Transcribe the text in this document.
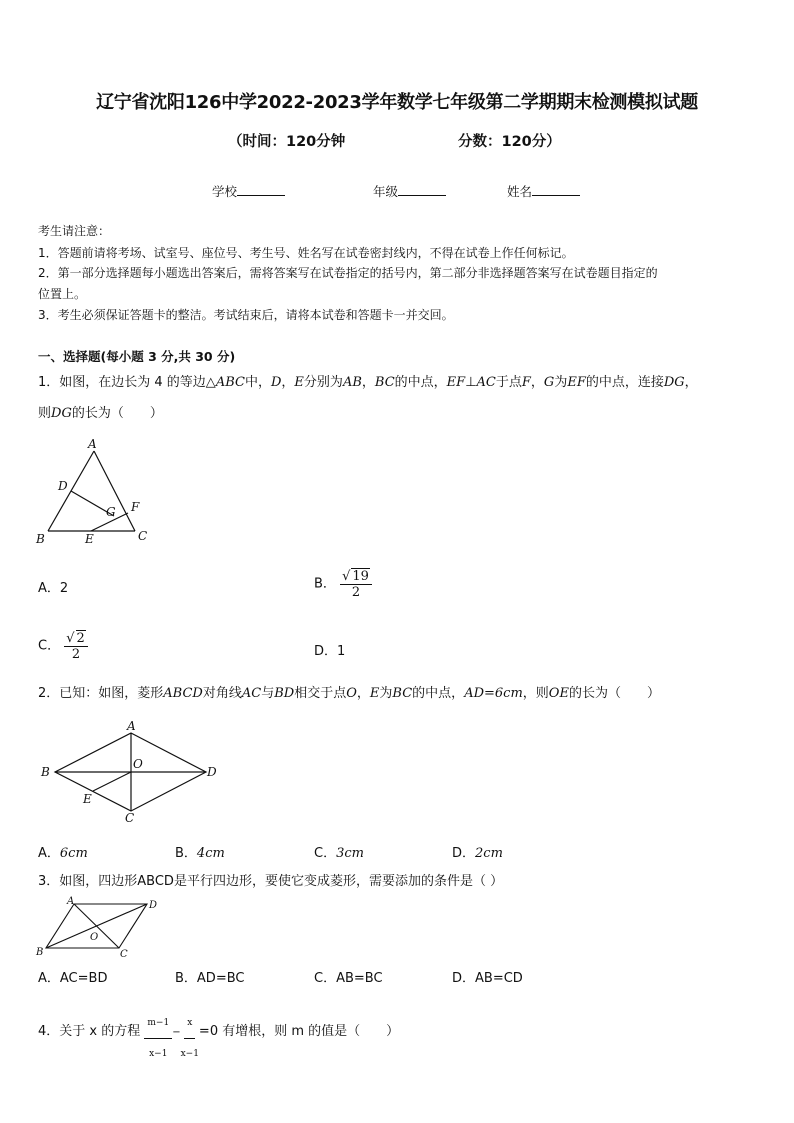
辽宁省沈阳126中学2022-2023学年数学七年级第二学期期末检测模拟试题
（时间：120分钟	分数：120分）
学校	年级	姓名
考生请注意：
1．答题前请将考场、试室号、座位号、考生号、姓名写在试卷密封线内，不得在试卷上作任何标记。
2．第一部分选择题每小题选出答案后，需将答案写在试卷指定的括号内，第二部分非选择题答案写在试卷题目指定的
位置上。
3．考生必须保证答题卡的整洁。考试结束后，请将本试卷和答题卡一并交回。
一、选择题(每小题 3 分,共 30 分)
1．如图，在边长为 4 的等边△ABC中，D，E分别为AB，BC的中点，EF⊥AC于点F，G为EF的中点，连接DG，
则DG的长为（　　）
A
D
G F
B	E	C
A．2	B． $\frac{√ 19}{2}$
C． $\frac{√ 2}{2}$	D．1
2．已知：如图，菱形ABCD对角线AC与BD相交于点O，E为BC的中点，AD=6cm，则OE的长为（　　）
A
B
O
D
E
C
A．6cm	B．4cm	C．3cm	D．2cm
3．如图，四边形ABCD是平行四边形，要使它变成菱形，需要添加的条件是（ ）
A	D
O
B	C
A．AC=BD	B．AD=BC	C．AB=BC	D．AB=CD
4．关于 x 的方程 $\frac{m-1}{x-1} - \frac{x}{x-1} =0$ 有增根，则 m 的值是（　　）
